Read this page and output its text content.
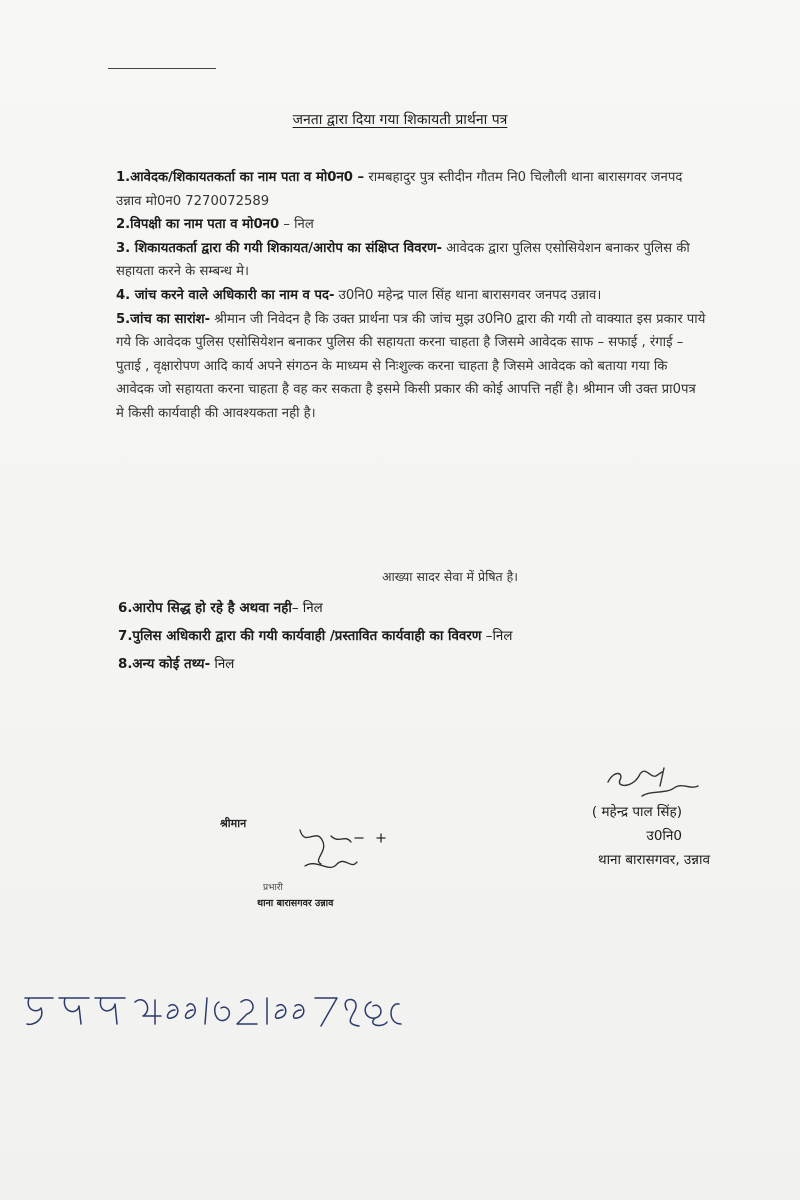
जनता द्वारा दिया गया शिकायती प्रार्थना पत्र

1.आवेदक/शिकायतकर्ता का नाम पता व मो0न0 – रामबहादुर पुत्र स्तीदीन गौतम नि0 चिलौली थाना बारासगवर जनपद उन्नाव मो0न0 7270072589

2.विपक्षी का नाम पता व मो0न0 – निल

3. शिकायतकर्ता द्वारा की गयी शिकायत/आरोप का संक्षिप्त विवरण- आवेदक द्वारा पुलिस एसोसियेशन बनाकर पुलिस की सहायता करने के सम्बन्ध मे।

4. जांच करने वाले अधिकारी का नाम व पद- उ0नि0 महेन्द्र पाल सिंह थाना बारासगवर जनपद उन्नाव।

5.जांच का सारांश- श्रीमान जी निवेदन है कि उक्त प्रार्थना पत्र की जांच मुझ उ0नि0 द्वारा की गयी तो वाक्यात इस प्रकार पाये गये कि आवेदक पुलिस एसोसियेशन बनाकर पुलिस की सहायता करना चाहता है जिसमे आवेदक साफ – सफाई , रंगाई –पुताई , वृक्षारोपण आदि कार्य अपने संगठन के माध्यम से निःशुल्क करना चाहता है जिसमे आवेदक को बताया गया कि आवेदक जो सहायता करना चाहता है वह कर सकता है इसमे किसी प्रकार की कोई आपत्ति नहीं है। श्रीमान जी उक्त प्रा0पत्र मे किसी कार्यवाही की आवश्यकता नही है।

आख्या सादर सेवा में प्रेषित है।
6.आरोप सिद्ध हो रहे है अथवा नही– निल
7.पुलिस अधिकारी द्वारा की गयी कार्यवाही /प्रस्तावित कार्यवाही का विवरण –निल
8.अन्य कोई तथ्य- निल
( महेन्द्र पाल सिंह)
उ0नि0
थाना बारासगवर, उन्नाव
श्रीमान
प्रभारी
थाना बारासगवर उन्नाव
